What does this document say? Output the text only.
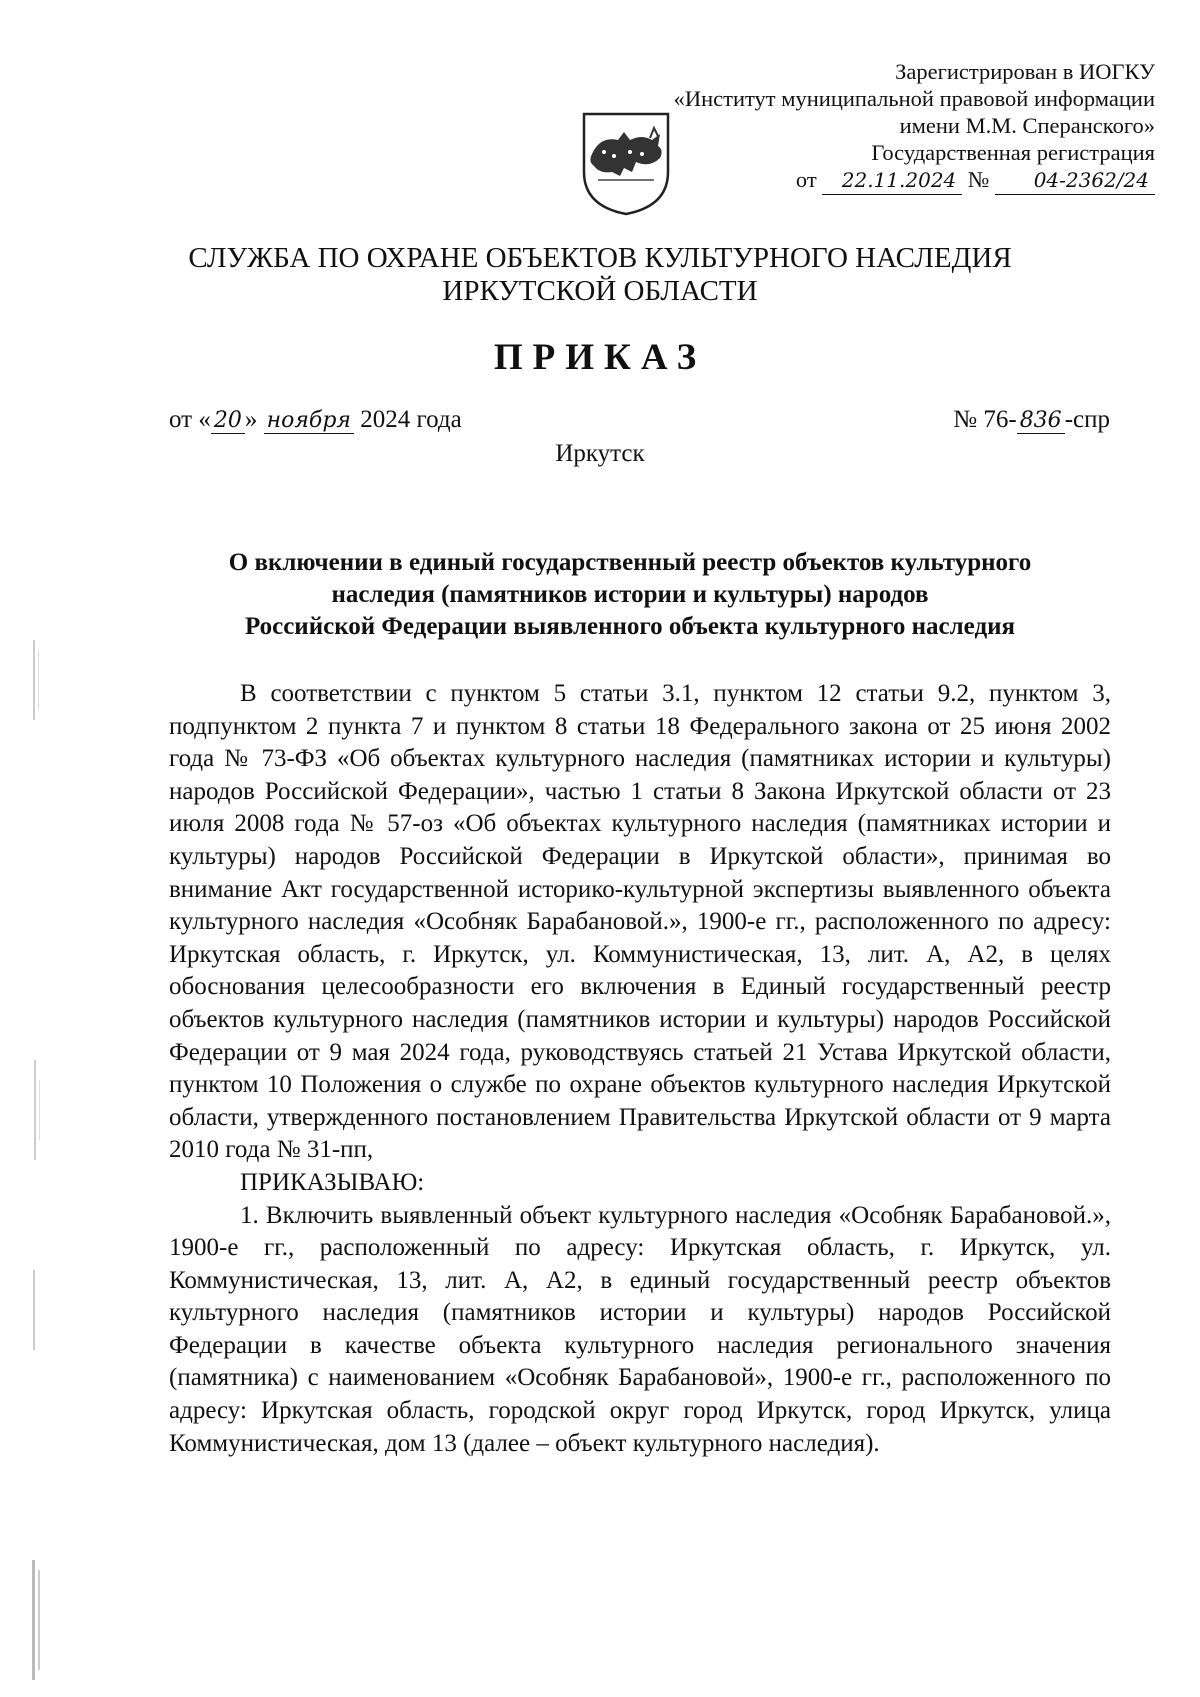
Зарегистрирован в ИОГКУ
«Институт муниципальной правовой информации
имени М.М. Сперанского»
Государственная регистрация
от 22.11.2024 № 04-2362/24
СЛУЖБА ПО ОХРАНЕ ОБЪЕКТОВ КУЛЬТУРНОГО НАСЛЕДИЯ
ИРКУТСКОЙ ОБЛАСТИ
ПРИКАЗ
от « 20 » ноября 2024 года	№ 76- 836 -спр
Иркутск
О включении в единый государственный реестр объектов культурного
наследия (памятников истории и культуры) народов
Российской Федерации выявленного объекта культурного наследия

В соответствии с пунктом 5 статьи 3.1, пунктом 12 статьи 9.2, пунктом 3, подпунктом 2 пункта 7 и пунктом 8 статьи 18 Федерального закона от 25 июня 2002 года № 73-ФЗ «Об объектах культурного наследия (памятниках истории и культуры) народов Российской Федерации», частью 1 статьи 8 Закона Иркутской области от 23 июля 2008 года № 57-оз «Об объектах культурного наследия (памятниках истории и культуры) народов Российской Федерации в Иркутской области», принимая во внимание Акт государственной историко-культурной экспертизы выявленного объекта культурного наследия «Особняк Барабановой.», 1900-е гг., расположенного по адресу: Иркутская область, г. Иркутск, ул. Коммунистическая, 13, лит. А, А2, в целях обоснования целесообразности его включения в Единый государственный реестр объектов культурного наследия (памятников истории и культуры) народов Российской Федерации от 9 мая 2024 года, руководствуясь статьей 21 Устава Иркутской области, пунктом 10 Положения о службе по охране объектов культурного наследия Иркутской области, утвержденного постановлением Правительства Иркутской области от 9 марта 2010 года № 31-пп,

ПРИКАЗЫВАЮ:

1. Включить выявленный объект культурного наследия «Особняк Барабановой.», 1900-е гг., расположенный по адресу: Иркутская область, г. Иркутск, ул. Коммунистическая, 13, лит. А, А2, в единый государственный реестр объектов культурного наследия (памятников истории и культуры) народов Российской Федерации в качестве объекта культурного наследия регионального значения (памятника) с наименованием «Особняк Барабановой», 1900-е гг., расположенного по адресу: Иркутская область, городской округ город Иркутск, город Иркутск, улица Коммунистическая, дом 13 (далее – объект культурного наследия).
